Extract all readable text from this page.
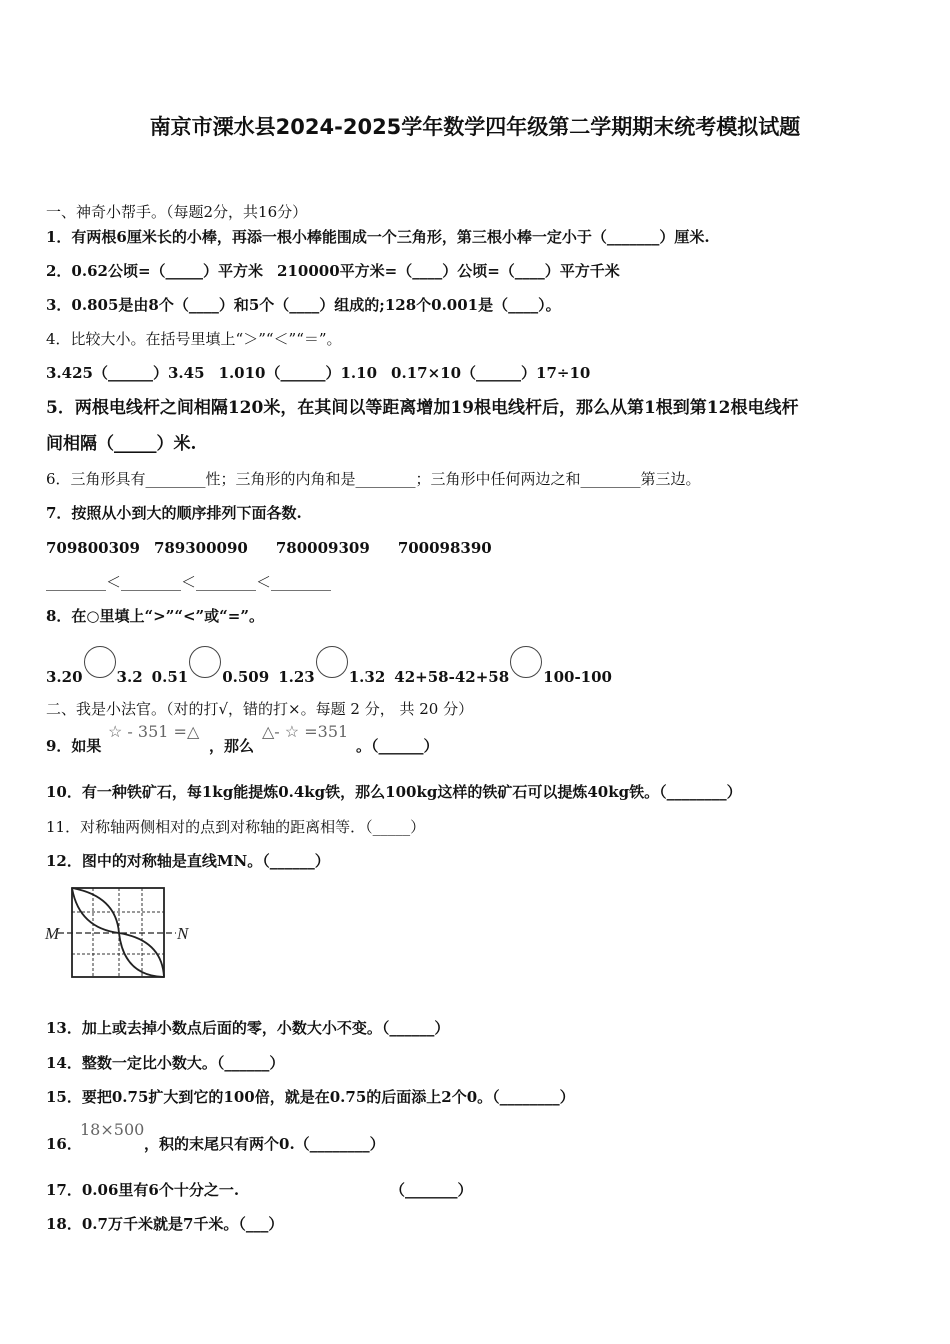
南京市溧水县2024-2025学年数学四年级第二学期期末统考模拟试题
一、神奇小帮手。（每题2分，共16分）
1．有两根6厘米长的小棒，再添一根小棒能围成一个三角形，第三根小棒一定小于（_______）厘米.
2．0.62公顷=（_____）平方米 210000平方米=（____）公顷=（____）平方千米
3．0.805是由8个（____）和5个（____）组成的;128个0.001是（____）。
4．比较大小。在括号里填上“＞”“＜”“＝”。
3.425（______）3.45 1.010（______）1.10 0.17×10（______）17÷10
5．两根电线杆之间相隔120米，在其间以等距离增加19根电线杆后，那么从第1根到第12根电线杆
间相隔（_____）米.
6．三角形具有________性；三角形的内角和是________；三角形中任何两边之和________第三边。
7．按照从小到大的顺序排列下面各数.
709800309 789300090 780009309 700098390
________＜________＜________＜________
8．在○里填上“>”“<”或“=”。
3.20 3.2 0.51 0.509 1.23 1.32 42+58-42+58 100-100
二、我是小法官。（对的打√，错的打×。每题 2 分， 共 20 分）
9．如果
☆ - 351 =△
，那么
△- ☆ =351
。（______）
10．有一种铁矿石，每1kg能提炼0.4kg铁，那么100kg这样的铁矿石可以提炼40kg铁。（________）
11．对称轴两侧相对的点到对称轴的距离相等．（_____）
12．图中的对称轴是直线MN。（______）
M	N
13．加上或去掉小数点后面的零，小数大小不变。（______）
14．整数一定比小数大。（______）
15．要把0.75扩大到它的100倍，就是在0.75的后面添上2个0。（________）
16．
18×500
，积的末尾只有两个0.（________）
17．0.06里有6个十分之一.	（_______）
18．0.7万千米就是7千米。（___）
